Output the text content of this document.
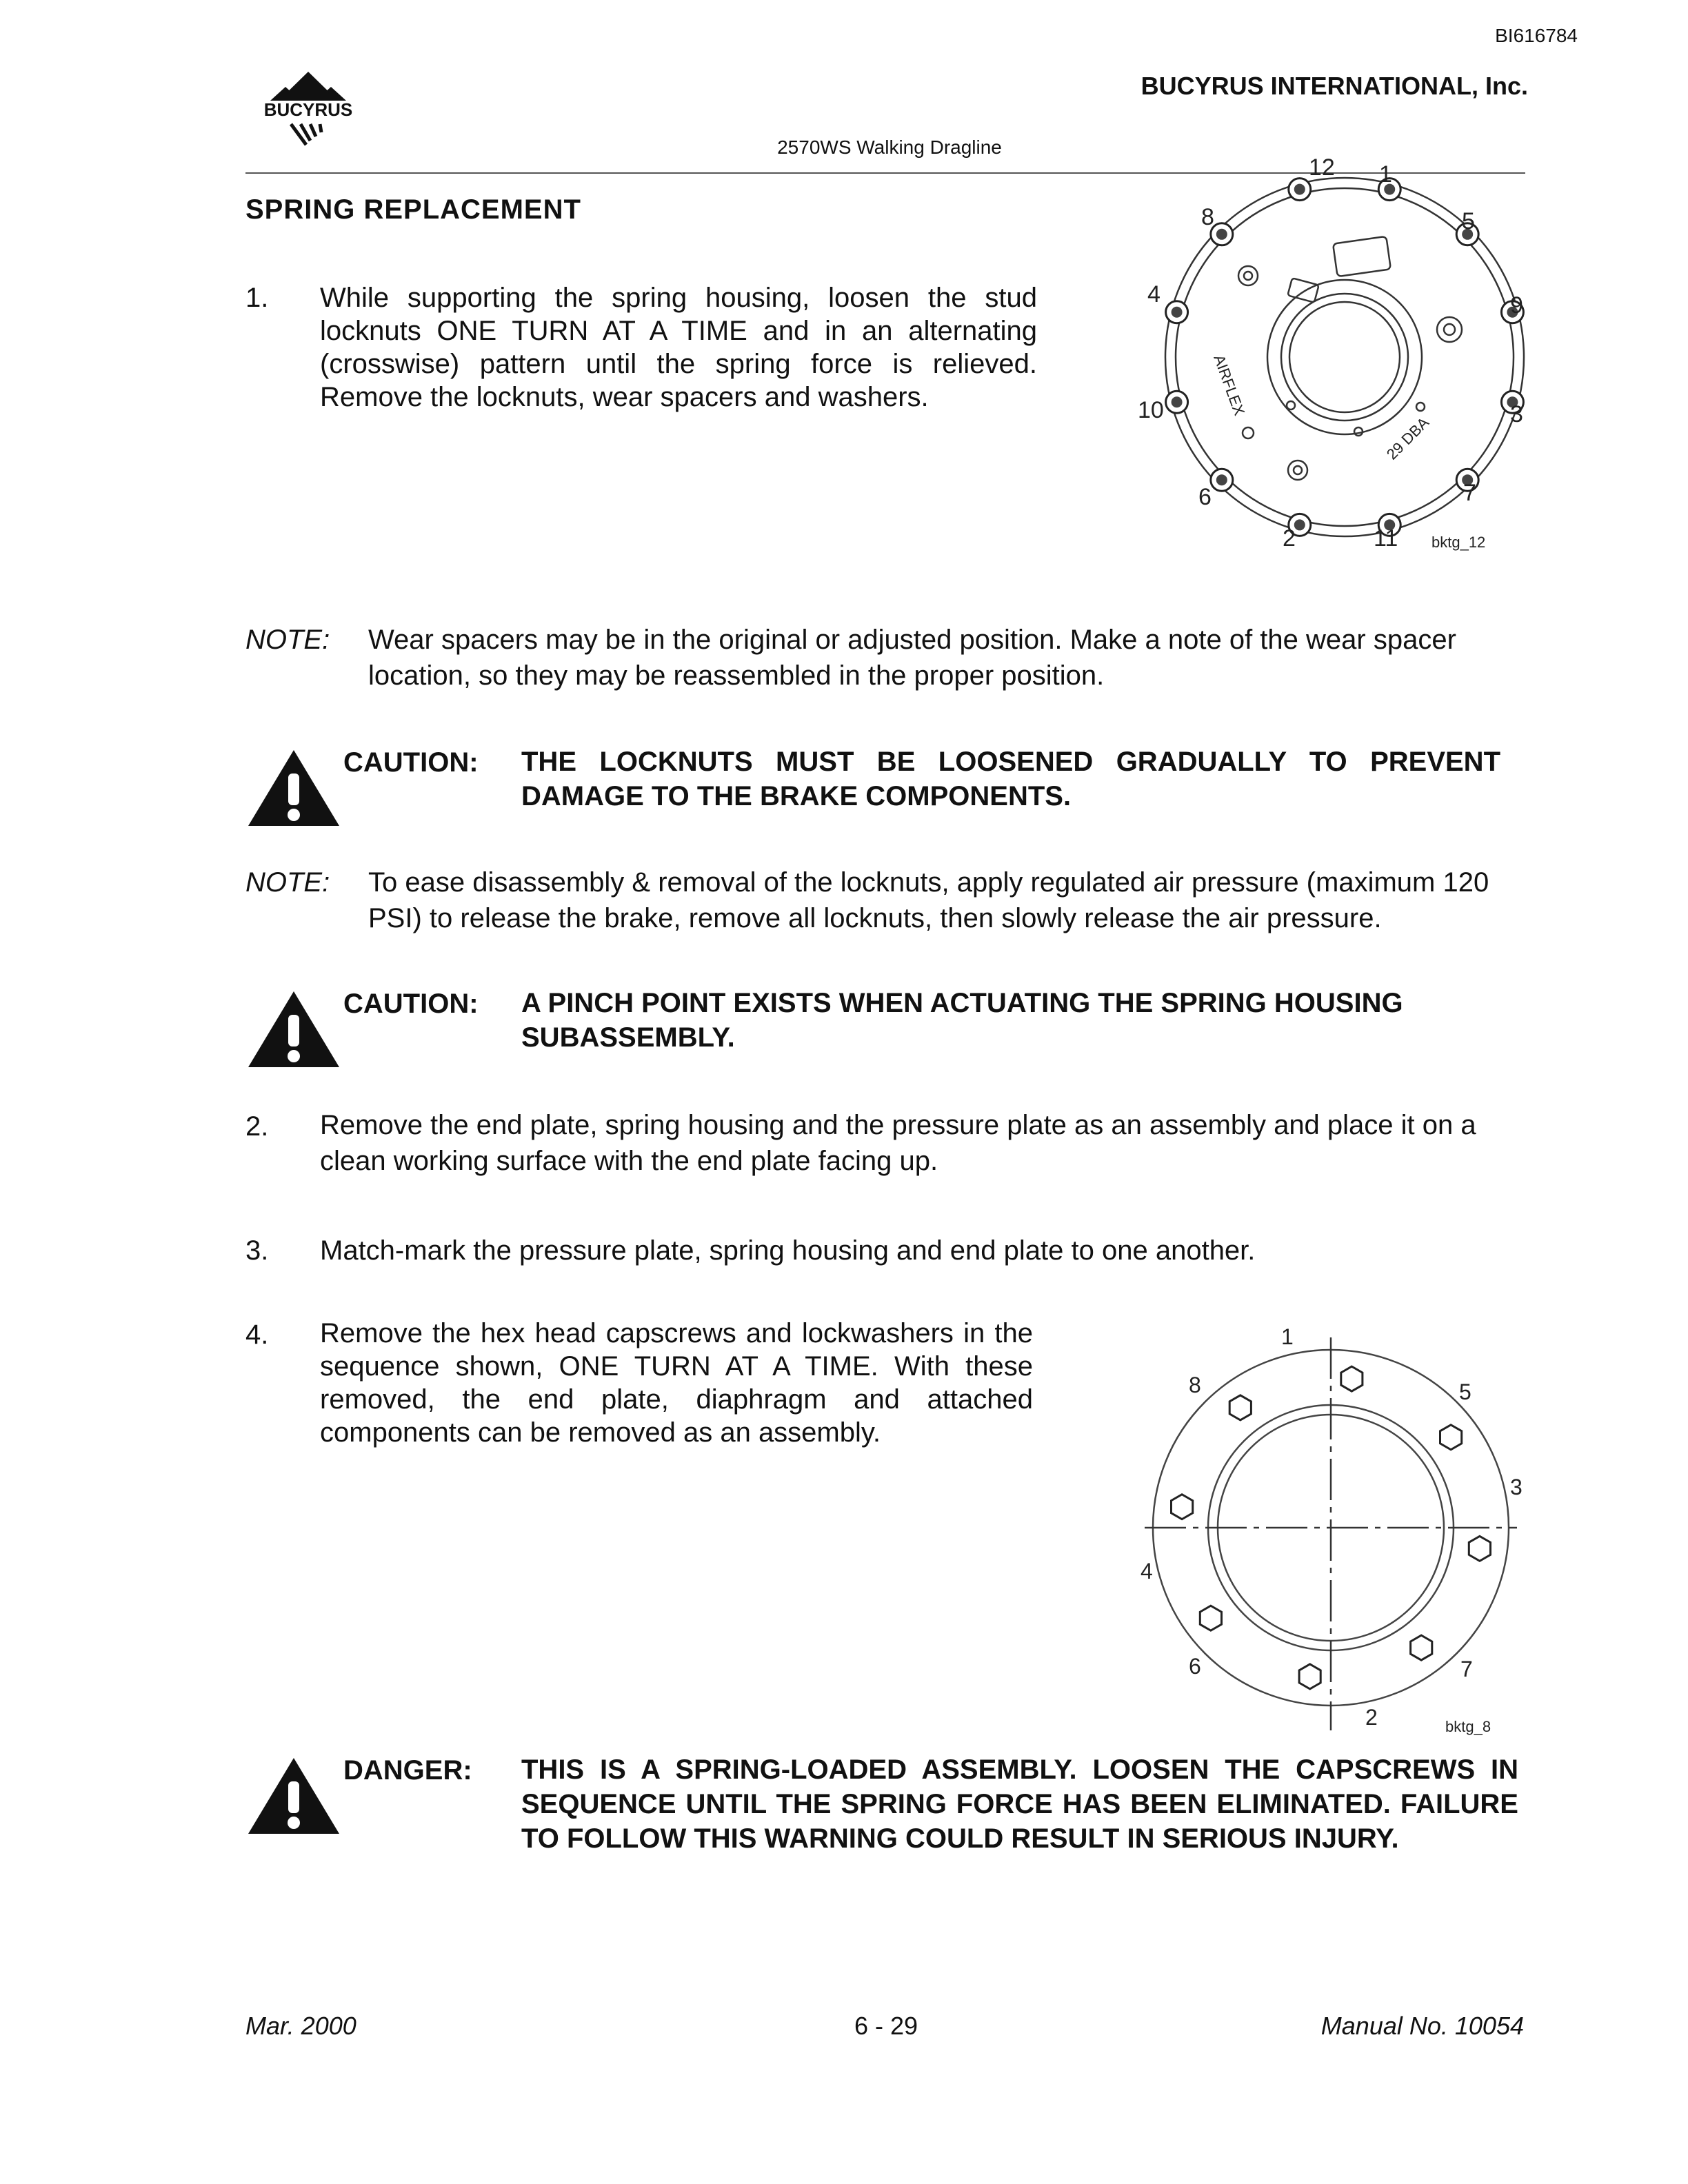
BI616784
BUCYRUS
BUCYRUS INTERNATIONAL, Inc.
2570WS Walking Dragline
SPRING REPLACEMENT
1. While supporting the spring housing, loosen the stud locknuts ONE TURN AT A TIME and in an alternating (crosswise) pattern until the spring force is relieved. Remove the locknuts, wear spacers and washers.
12 1
8	5
4	9
10	3
6	7
2	11
AIRFLEX
29 DBA
bktg_12
NOTE: Wear spacers may be in the original or adjusted position. Make a note of the wear spacer location, so they may be reassembled in the proper position.
CAUTION: THE LOCKNUTS MUST BE LOOSENED GRADUALLY TO PREVENT DAMAGE TO THE BRAKE COMPONENTS.
NOTE: To ease disassembly & removal of the locknuts, apply regulated air pressure (maximum 120 PSI) to release the brake, remove all locknuts, then slowly release the air pressure.
CAUTION: A PINCH POINT EXISTS WHEN ACTUATING THE SPRING HOUSING SUBASSEMBLY.
2. Remove the end plate, spring housing and the pressure plate as an assembly and place it on a clean working surface with the end plate facing up.
3. Match-mark the pressure plate, spring housing and end plate to one another.
4. Remove the hex head capscrews and lockwashers in the sequence shown, ONE TURN AT A TIME. With these removed, the end plate, diaphragm and attached components can be removed as an assembly.
1
8	5
3
4
6	7
2	bktg_8
DANGER: THIS IS A SPRING-LOADED ASSEMBLY. LOOSEN THE CAPSCREWS IN SEQUENCE UNTIL THE SPRING FORCE HAS BEEN ELIMINATED. FAILURE TO FOLLOW THIS WARNING COULD RESULT IN SERIOUS INJURY.
Mar. 2000	6 - 29	Manual No. 10054
